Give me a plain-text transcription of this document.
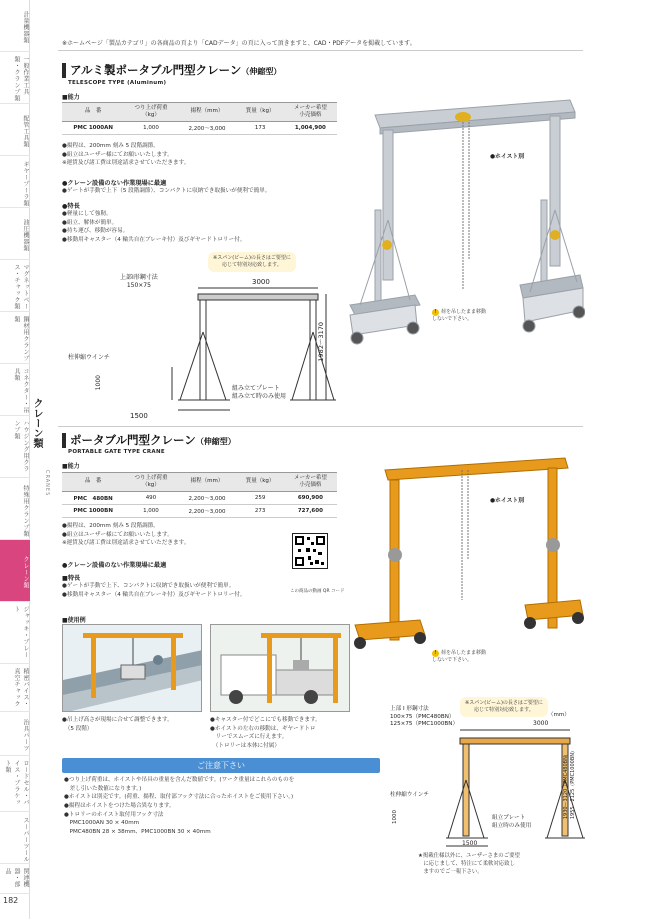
計量機器類
一般作業工具類・クランプ類
配管工具類
ギヤープーラ類
油圧機器類
マグネットベース・チャック類
鋼材用クランプ類
コネクター・吊具類
ハウジング用クランプ類
特殊用クランプ類
クレーン類
ジャッキ・プレート
精密バイス・真空チャック
治具パーツ
ロードセル・バイス・ブラケット類
スーパーツール
関連機器・部品
182
クレーン類
CRANES
※ホームページ「製品カテゴリ」の各商品の頁より「CADデータ」の頁に入って頂きますと、CAD・PDFデータを掲載しています。
アルミ製ポータブル門型クレーン（伸縮型）
TELESCOPE TYPE (Aluminum)
■能力
品　番	つり上げ荷重
（kg）	揚程（mm）	質量（kg）	メーカー希望
小売価格
PMC 1000AN	1,000	2,200～3,000	173	1,004,900
●揚程は、200mm 刻み 5 段階調節。
●組立はユーザー様にてお願いいたします。
※運賃及び諸工費は別途請求させていただきます。
●クレーン設備のない作業現場に最適
●ゲートが手動で上下（5 段階調節）、コンパクトに収納でき取扱いが便利で簡単。
●特長
●軽量にして強靭。
●組立、解体が簡単。
●持ち運び、移動が容易。
●移動用キャスター（4 輪共自在ブレーキ付）及びギヤードトロリー付。
※スパン(ビーム)の長さはご要望に
応じて特別対応致します。
●ホイスト別
! 荷を吊したまま移動
しないで下さい。
上部I形鋼寸法
150×75	3000
1982～3170
柱伸縮ウインチ
1000
1500
組み立てプレート
組み立て時のみ使用
ポータブル門型クレーン（伸縮型）
PORTABLE GATE TYPE CRANE
■能力
品　番	つり上げ荷重
（kg）	揚程（mm）	質量（kg）	メーカー希望
小売価格
PMC　480BN	490	2,200～3,000	259	690,900
PMC 1000BN	1,000	2,200～3,000	273	727,600
●揚程は、200mm 刻み 5 段階調節。
●組立はユーザー様にてお願いいたします。
※運賃及び諸工費は別途請求させていただきます。
●クレーン設備のない作業現場に最適
■特長
●ゲートが手動で上下、コンパクトに収納でき取扱いが便利で簡単。
●移動用キャスター（4 輪共自在ブレーキ付）及びギヤードトロリー付。
この商品の動画 QR コード
■使用例
●吊上げ高さが現場に合せて調整できます。
　（5 段階）
●キャスター付でどこにでも移動できます。
●ホイストの左右の移動は、ギヤードトロ
　リーでスムーズに行えます。
　（トロリーは本体に付属）
●ホイスト別
! 荷を吊したまま移動
しないで下さい。
※スパン(ビーム)の長さはご要望に
応じて特別対応致します。
上部 I 形鋼寸法
100×75（PMC480BN）
125×75（PMC1000BN）	3000
（mm）
1930～3120（PMC480BN） 1955～2125（PMC1000BN）
柱伸縮ウインチ
1000
1500
組立プレート
組立時のみ使用
★掲載仕様以外に、ユーザーさまのご要望
　に応じまして、特注にて柔軟対応致し
　ますのでご一報下さい。
ご注意下さい
●つり上げ荷重は、ホイストや吊具の重量を含んだ数値です。(ワーク重量はこれらのものを
　差し引いた数値になります。)
●ホイストは別売です。(荷重、揚程、取付部フック寸法に合ったホイストをご使用下さい。)
●揚程はホイストをつけた場合異なります。
●トロリーのホイスト取付用フック寸法
　PMC1000AN 30 × 40mm
　PMC480BN 28 × 38mm、PMC1000BN 30 × 40mm
